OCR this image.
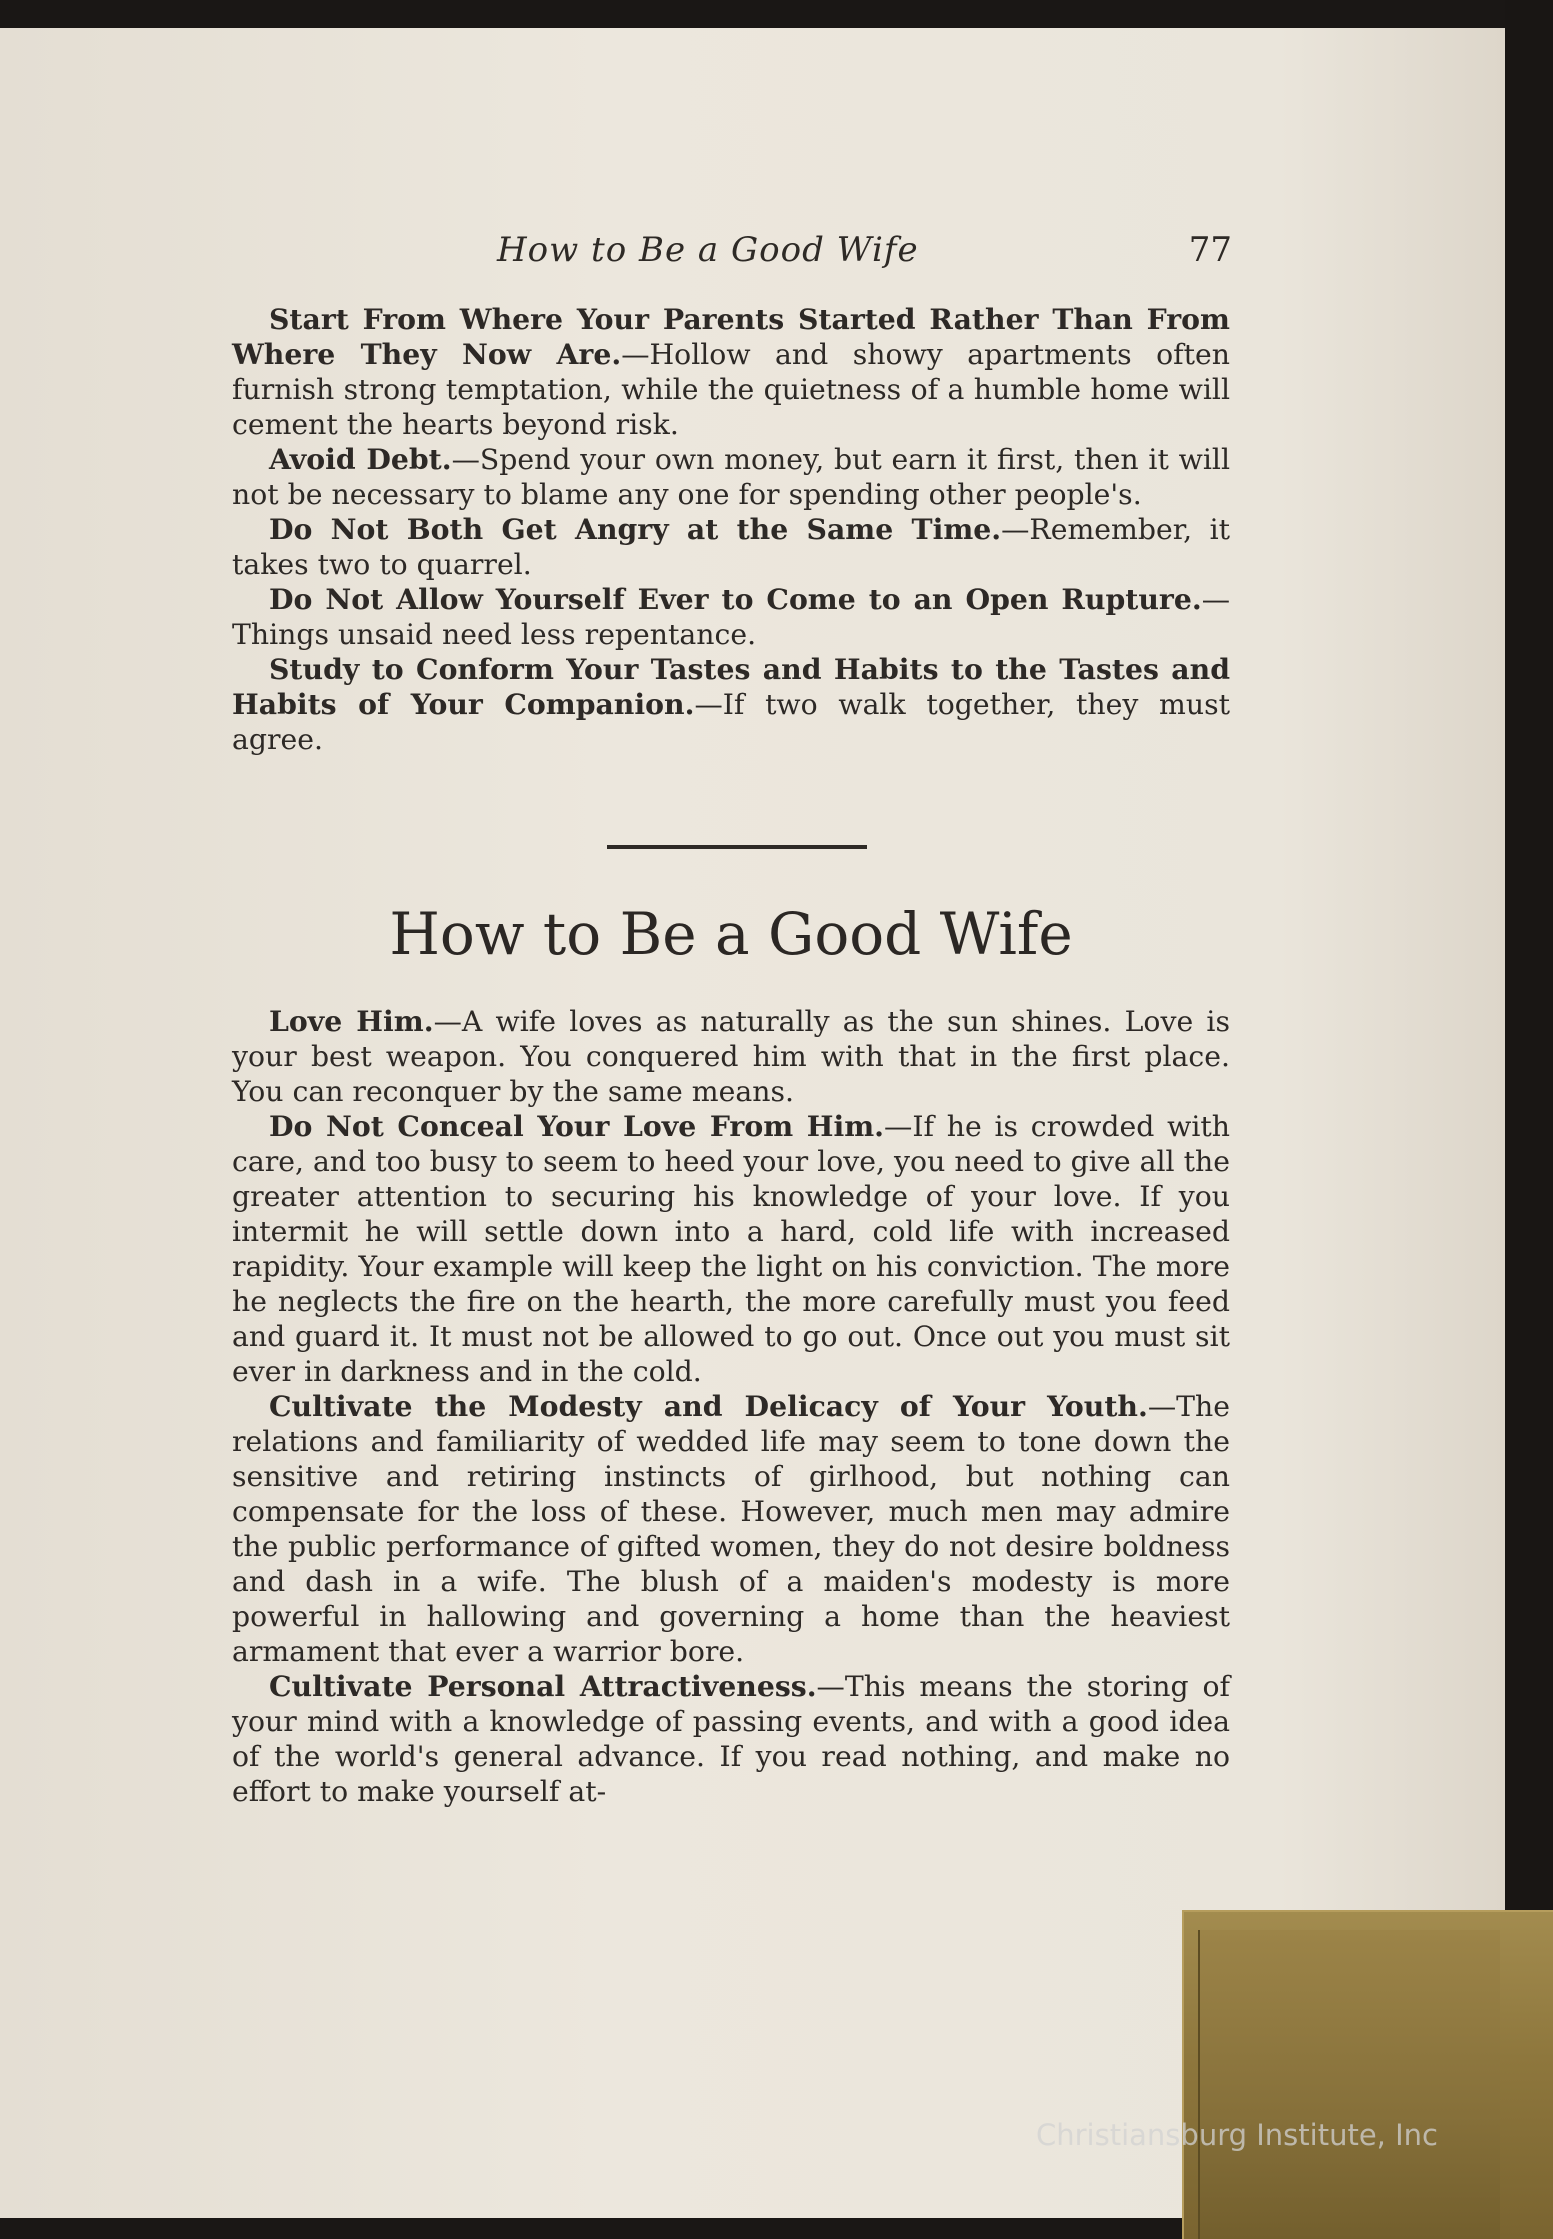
How to Be a Good Wife	77

Start From Where Your Parents Started Rather Than From Where They Now Are.—Hollow and showy apartments often furnish strong temptation, while the quietness of a humble home will cement the hearts beyond risk.

Avoid Debt.—Spend your own money, but earn it first, then it will not be necessary to blame any one for spending other people's.

Do Not Both Get Angry at the Same Time.—Remember, it takes two to quarrel.

Do Not Allow Yourself Ever to Come to an Open Rupture.—Things unsaid need less repentance.

Study to Conform Your Tastes and Habits to the Tastes and Habits of Your Companion.—If two walk together, they must agree.

How to Be a Good Wife

Love Him.—A wife loves as naturally as the sun shines. Love is your best weapon. You conquered him with that in the first place. You can reconquer by the same means.

Do Not Conceal Your Love From Him.—If he is crowded with care, and too busy to seem to heed your love, you need to give all the greater attention to securing his knowledge of your love. If you intermit he will settle down into a hard, cold life with increased rapidity. Your example will keep the light on his conviction. The more he neglects the fire on the hearth, the more carefully must you feed and guard it. It must not be allowed to go out. Once out you must sit ever in darkness and in the cold.

Cultivate the Modesty and Delicacy of Your Youth.—The relations and familiarity of wedded life may seem to tone down the sensitive and retiring instincts of girlhood, but nothing can compensate for the loss of these. However, much men may admire the public performance of gifted women, they do not desire boldness and dash in a wife. The blush of a maiden's modesty is more powerful in hallowing and governing a home than the heaviest armament that ever a warrior bore.

Cultivate Personal Attractiveness.—This means the storing of your mind with a knowledge of passing events, and with a good idea of the world's general advance. If you read nothing, and make no effort to make yourself at-

Christiansburg Institute, Inc
